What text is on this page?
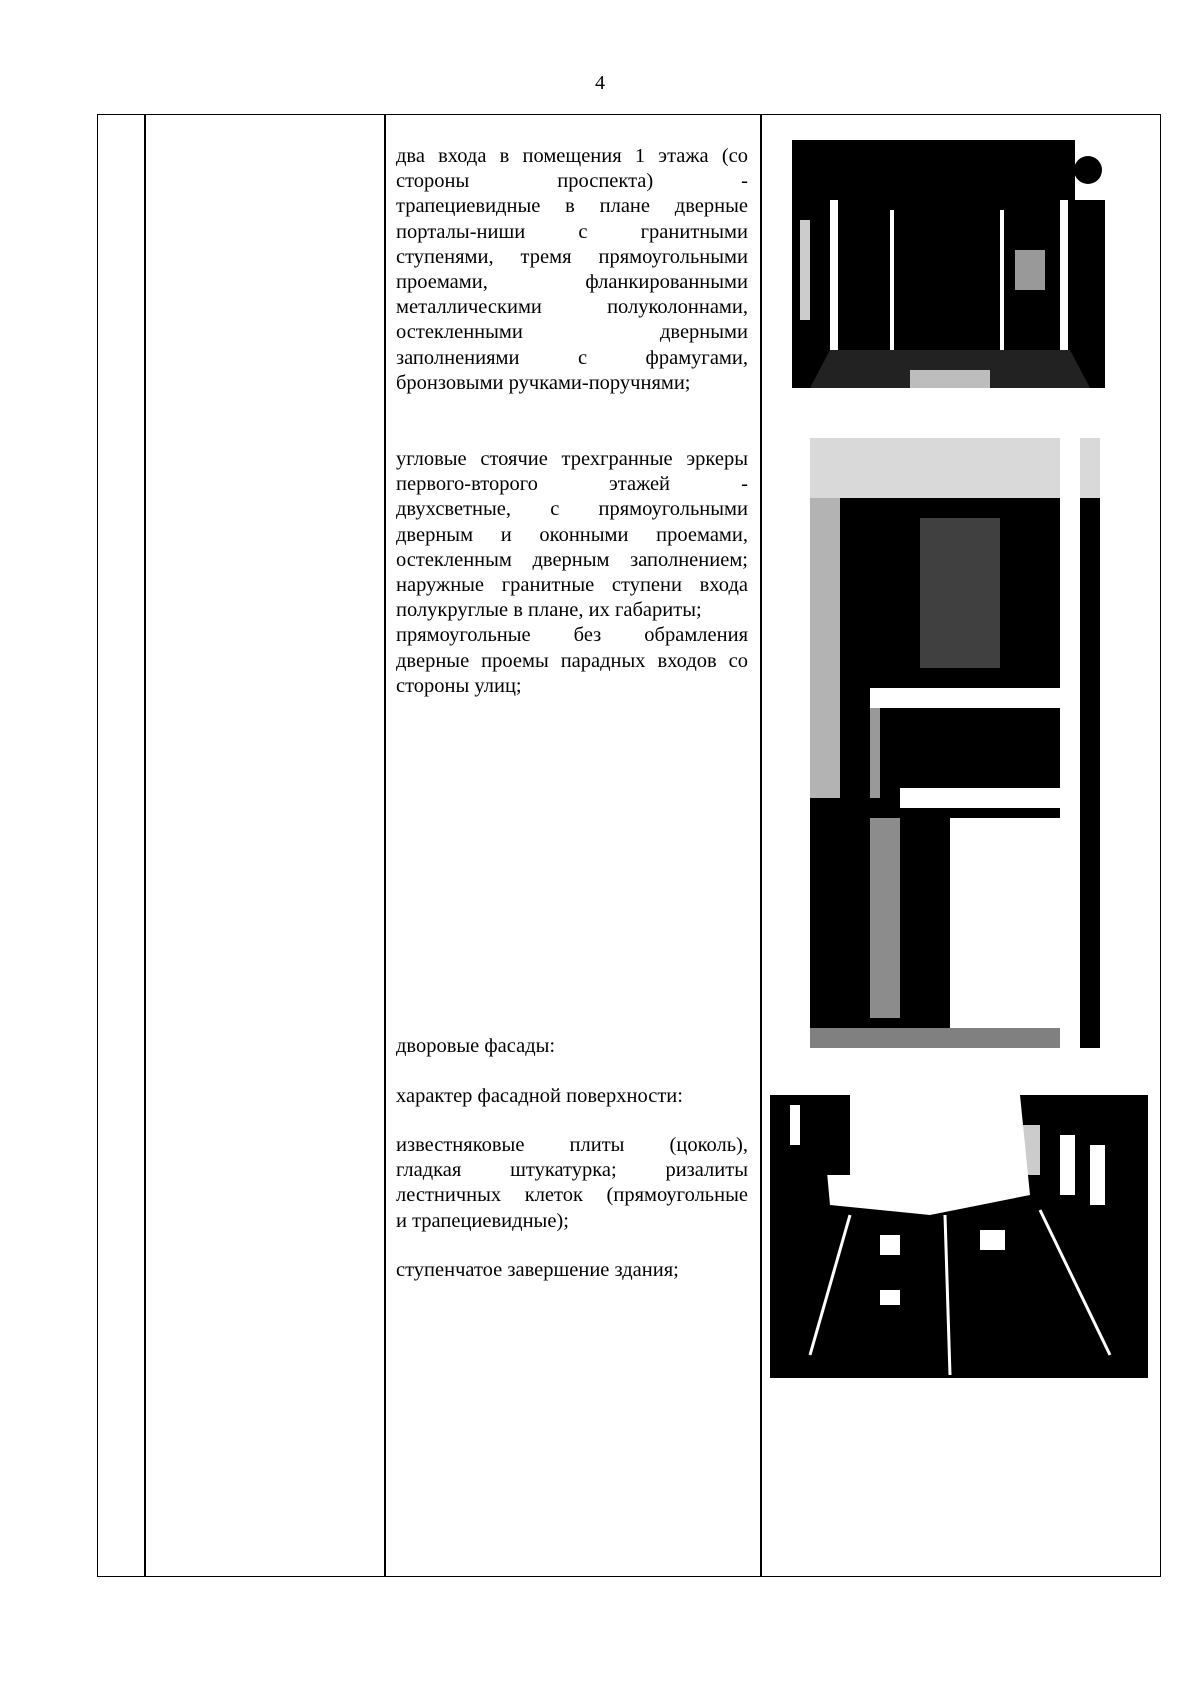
4
два входа в помещения 1 этажа (со
стороны проспекта) -
трапециевидные в плане дверные
порталы-ниши с гранитными
ступенями, тремя прямоугольными
проемами, фланкированными
металлическими полуколоннами,
остекленными дверными
заполнениями с фрамугами,
бронзовыми ручками-поручнями;
угловые стоячие трехгранные эркеры
первого-второго этажей -
двухсветные, с прямоугольными
дверным и оконными проемами,
остекленным дверным заполнением;
наружные гранитные ступени входа
полукруглые в плане, их габариты;
прямоугольные без обрамления
дверные проемы парадных входов со
стороны улиц;
дворовые фасады:
характер фасадной поверхности:
известняковые плиты (цоколь),
гладкая штукатурка; ризалиты
лестничных клеток (прямоугольные
и трапециевидные);
ступенчатое завершение здания;
